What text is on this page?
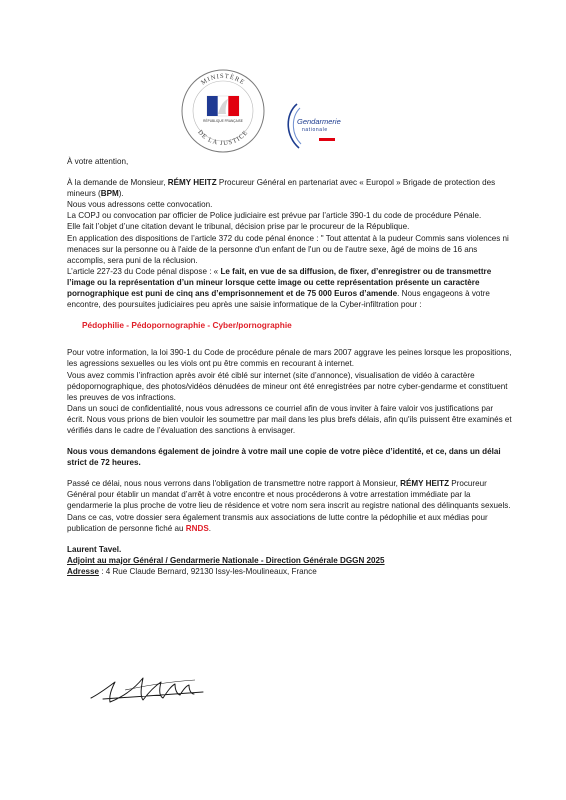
MINISTÈRE
DE LA JUSTICE
RÉPUBLIQUE FRANÇAISE	Gendarmerie
nationale

À votre attention,

À la demande de Monsieur, RÉMY HEITZ Procureur Général en partenariat avec « Europol » Brigade de protection des mineurs (BPM).

Nous vous adressons cette convocation.

La COPJ ou convocation par officier de Police judiciaire est prévue par l’article 390-1 du code de procédure Pénale.

Elle fait l’objet d’une citation devant le tribunal, décision prise par le procureur de la République.

En application des dispositions de l’article 372 du code pénal énonce : " Tout attentat à la pudeur Commis sans violences ni menaces sur la personne ou à l'aide de la personne d'un enfant de l'un ou de l'autre sexe, âgé de moins de 16 ans accomplis, sera puni de la réclusion.

L’article 227-23 du Code pénal dispose : « Le fait, en vue de sa diffusion, de fixer, d’enregistrer ou de transmettre l’image ou la représentation d’un mineur lorsque cette image ou cette représentation présente un caractère pornographique est puni de cinq ans d’emprisonnement et de 75 000 Euros d’amende. Nous engageons à votre encontre, des poursuites judiciaires peu après une saisie informatique de la Cyber-infiltration pour :

Pédophilie - Pédopornographie - Cyber/pornographie

Pour votre information, la loi 390-1 du Code de procédure pénale de mars 2007 aggrave les peines lorsque les propositions, les agressions sexuelles ou les viols ont pu être commis en recourant à internet.

Vous avez commis l’infraction après avoir été ciblé sur internet (site d’annonce), visualisation de vidéo à caractère pédopornographique, des photos/vidéos dénudées de mineur ont été enregistrées par notre cyber-gendarme et constituent les preuves de vos infractions.

Dans un souci de confidentialité, nous vous adressons ce courriel afin de vous inviter à faire valoir vos justifications par écrit. Nous vous prions de bien vouloir les soumettre par mail dans les plus brefs délais, afin qu'ils puissent être examinés et vérifiés dans le cadre de l’évaluation des sanctions à envisager.

Nous vous demandons également de joindre à votre mail une copie de votre pièce d’identité, et ce, dans un délai strict de 72 heures.

Passé ce délai, nous nous verrons dans l'obligation de transmettre notre rapport à Monsieur, RÉMY HEITZ Procureur Général pour établir un mandat d’arrêt à votre encontre et nous procéderons à votre arrestation immédiate par la gendarmerie la plus proche de votre lieu de résidence et votre nom sera inscrit au registre national des délinquants sexuels.

Dans ce cas, votre dossier sera également transmis aux associations de lutte contre la pédophilie et aux médias pour publication de personne fiché au RNDS.

Laurent Tavel.

Adjoint au major Général / Gendarmerie Nationale - Direction Générale DGGN 2025

Adresse : 4 Rue Claude Bernard, 92130 Issy-les-Moulineaux, France
